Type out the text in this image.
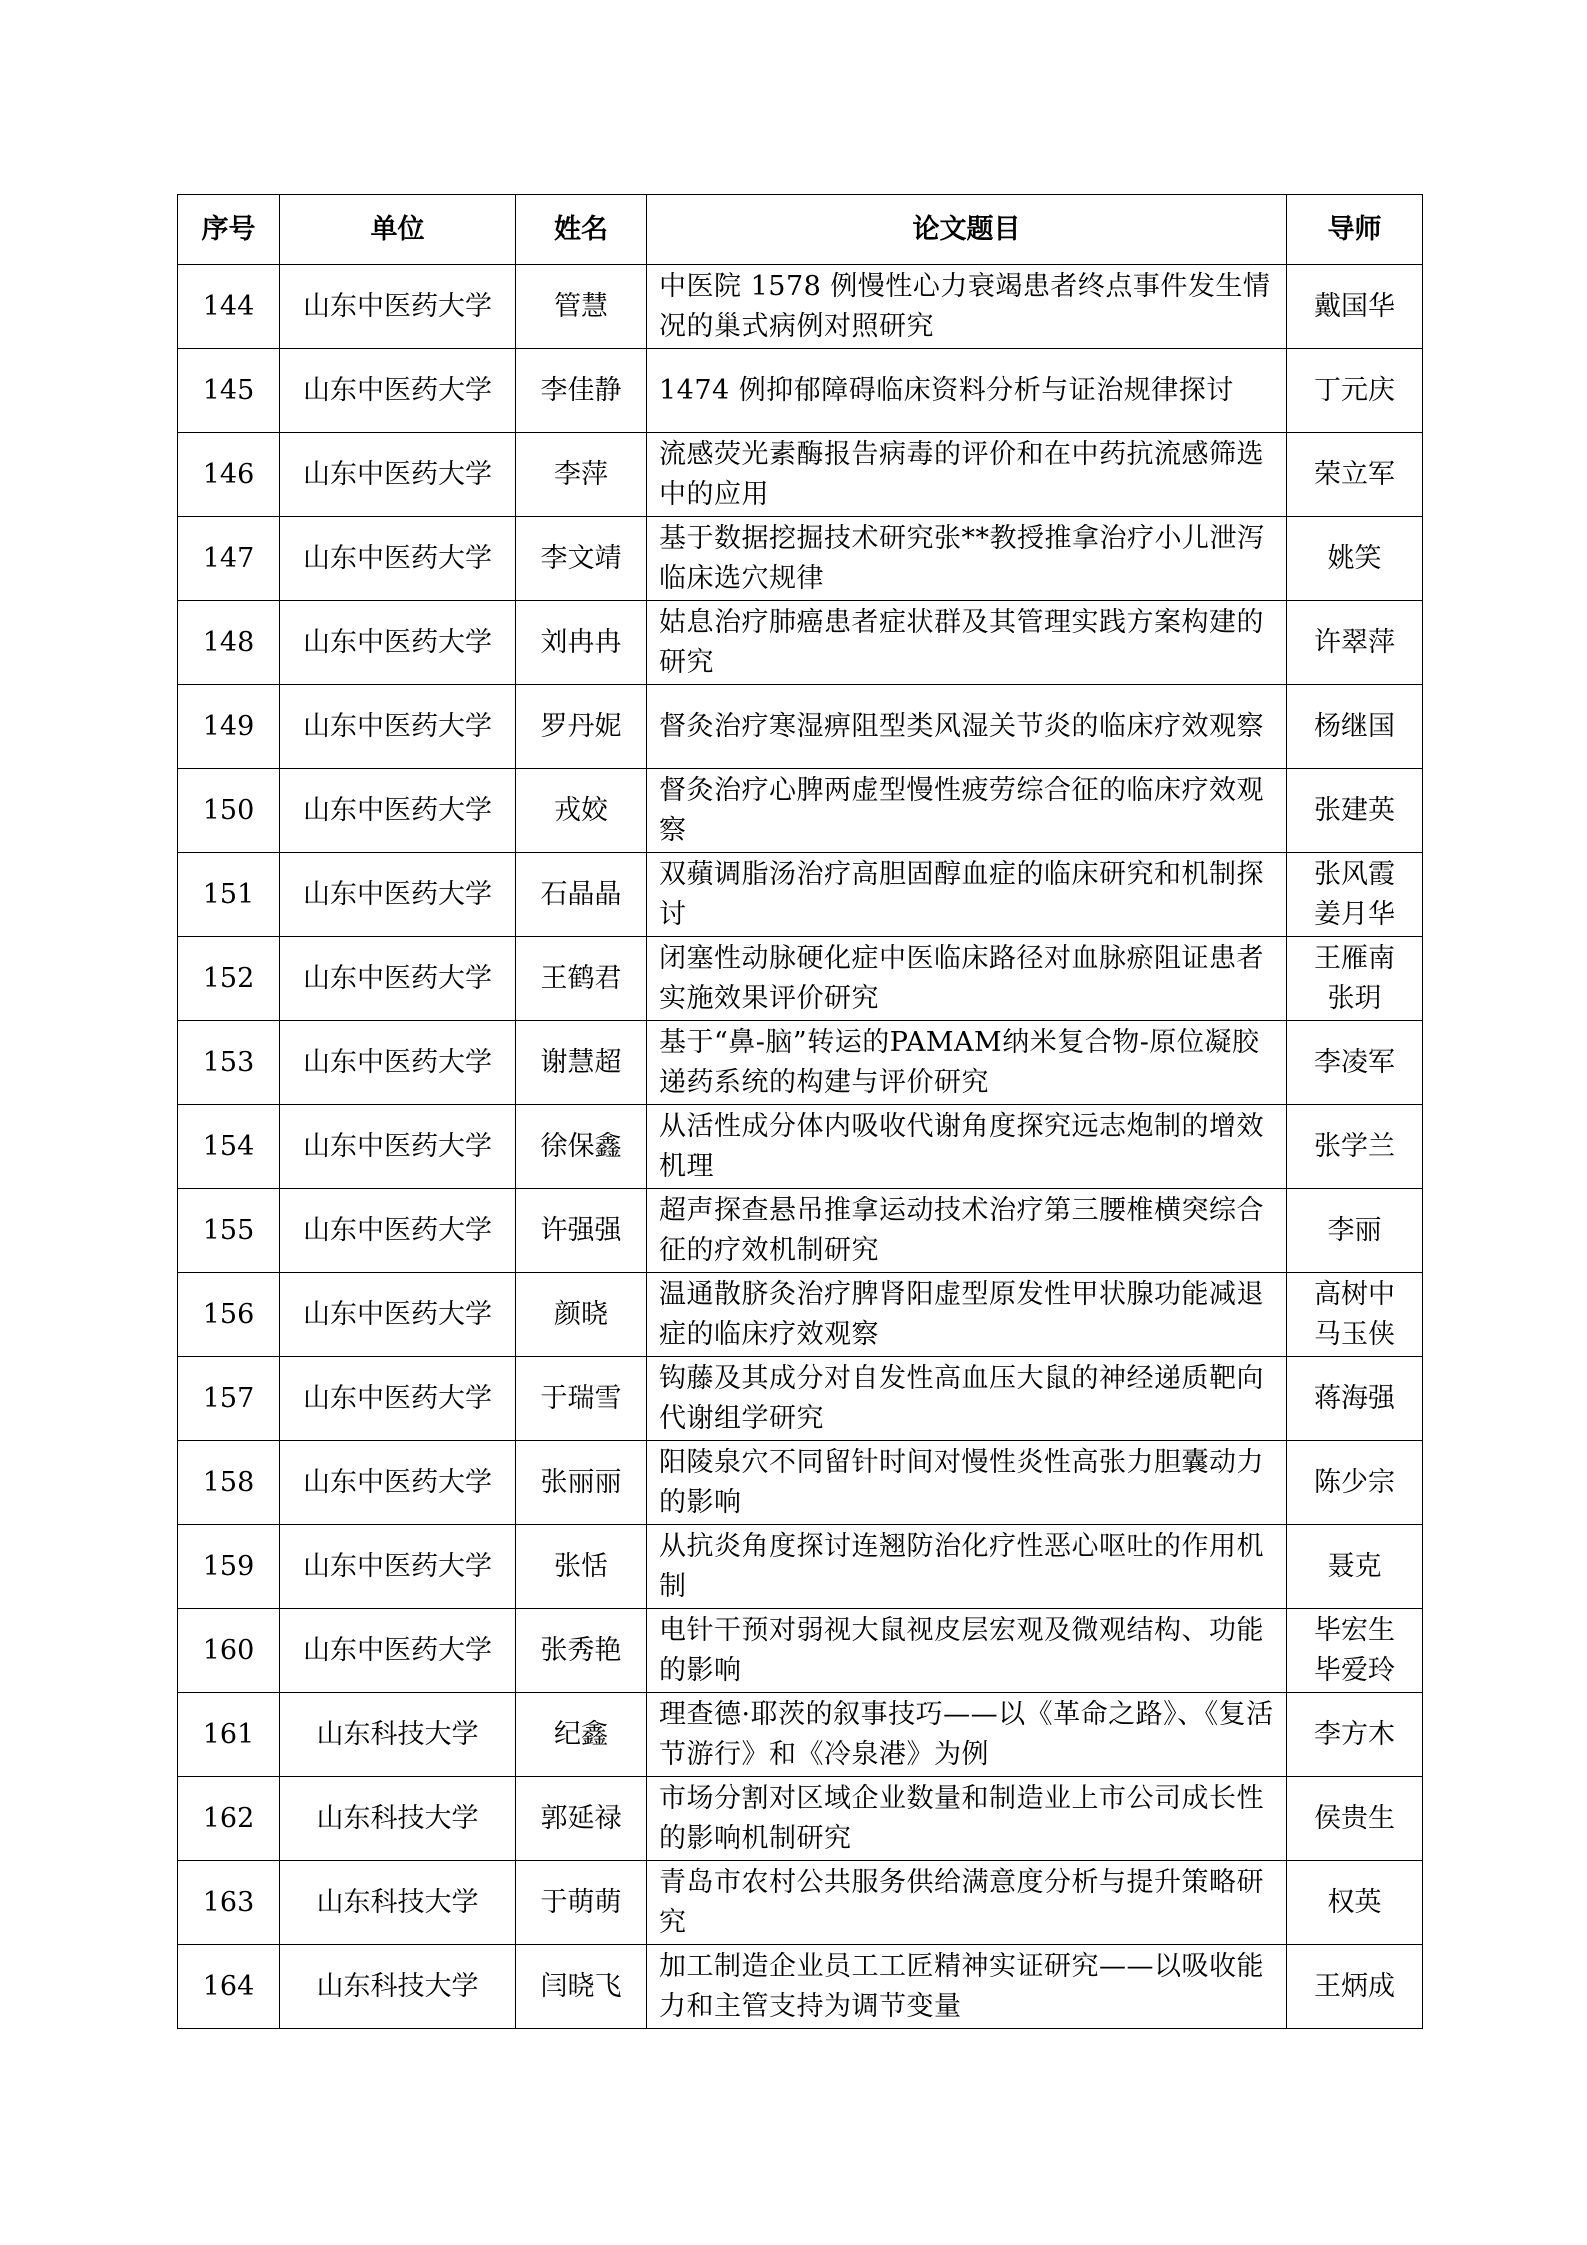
序号	单位	姓名	论文题目	导师
144	山东中医药大学	管慧	中医院 1578 例慢性心力衰竭患者终点事件发生情况的巢式病例对照研究	戴国华

145	山东中医药大学	李佳静	1474 例抑郁障碍临床资料分析与证治规律探讨	丁元庆

146	山东中医药大学	李萍	流感荧光素酶报告病毒的评价和在中药抗流感筛选中的应用	荣立军

147	山东中医药大学	李文靖	基于数据挖掘技术研究张**教授推拿治疗小儿泄泻临床选穴规律	姚笑

148	山东中医药大学	刘冉冉	姑息治疗肺癌患者症状群及其管理实践方案构建的研究	许翠萍

149	山东中医药大学	罗丹妮	督灸治疗寒湿痹阻型类风湿关节炎的临床疗效观察	杨继国

150	山东中医药大学	戎姣	督灸治疗心脾两虚型慢性疲劳综合征的临床疗效观察	张建英

151	山东中医药大学	石晶晶	双蘋调脂汤治疗高胆固醇血症的临床研究和机制探讨	张风霞
姜月华

152	山东中医药大学	王鹤君	闭塞性动脉硬化症中医临床路径对血脉瘀阻证患者实施效果评价研究	王雁南
张玥

153	山东中医药大学	谢慧超	基于“鼻-脑”转运的PAMAM纳米复合物-原位凝胶递药系统的构建与评价研究	李凌军

154	山东中医药大学	徐保鑫	从活性成分体内吸收代谢角度探究远志炮制的增效机理	张学兰

155	山东中医药大学	许强强	超声探查悬吊推拿运动技术治疗第三腰椎横突综合征的疗效机制研究	李丽

156	山东中医药大学	颜晓	温通散脐灸治疗脾肾阳虚型原发性甲状腺功能减退症的临床疗效观察	高树中
马玉侠

157	山东中医药大学	于瑞雪	钩藤及其成分对自发性高血压大鼠的神经递质靶向代谢组学研究	蒋海强

158	山东中医药大学	张丽丽	阳陵泉穴不同留针时间对慢性炎性高张力胆囊动力的影响	陈少宗

159	山东中医药大学	张恬	从抗炎角度探讨连翘防治化疗性恶心呕吐的作用机制	聂克

160	山东中医药大学	张秀艳	电针干预对弱视大鼠视皮层宏观及微观结构、功能的影响	毕宏生
毕爱玲

161	山东科技大学	纪鑫	理查德·耶茨的叙事技巧——以《革命之路》、《复活节游行》和《冷泉港》为例	李方木

162	山东科技大学	郭延禄	市场分割对区域企业数量和制造业上市公司成长性的影响机制研究	侯贵生

163	山东科技大学	于萌萌	青岛市农村公共服务供给满意度分析与提升策略研究	权英

164	山东科技大学	闫晓飞	加工制造企业员工工匠精神实证研究——以吸收能力和主管支持为调节变量	王炳成
